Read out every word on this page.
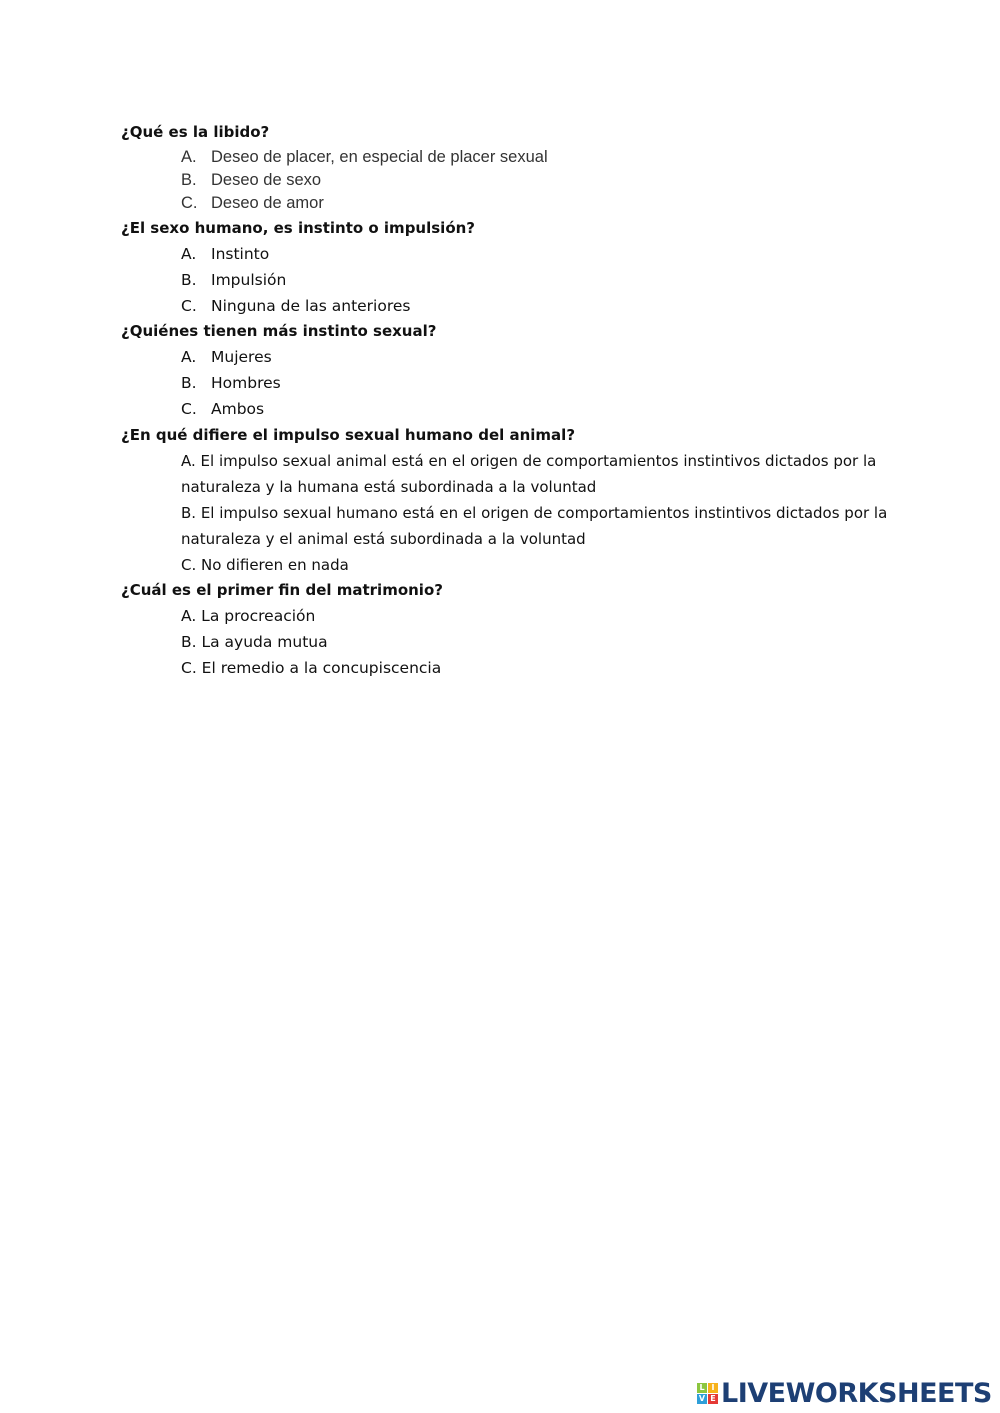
¿Qué es la libido?
A. Deseo de placer, en especial de placer sexual
B. Deseo de sexo
C. Deseo de amor
¿El sexo humano, es instinto o impulsión?
A. Instinto
B. Impulsión
C. Ninguna de las anteriores
¿Quiénes tienen más instinto sexual?
A. Mujeres
B. Hombres
C. Ambos
¿En qué difiere el impulso sexual humano del animal?
A. El impulso sexual animal está en el origen de comportamientos instintivos dictados por la
naturaleza y la humana está subordinada a la voluntad
B. El impulso sexual humano está en el origen de comportamientos instintivos dictados por la
naturaleza y el animal está subordinada a la voluntad
C. No difieren en nada
¿Cuál es el primer fin del matrimonio?
A. La procreación
B. La ayuda mutua
C. El remedio a la concupiscencia
L I
V E LIVEWORKSHEETS
